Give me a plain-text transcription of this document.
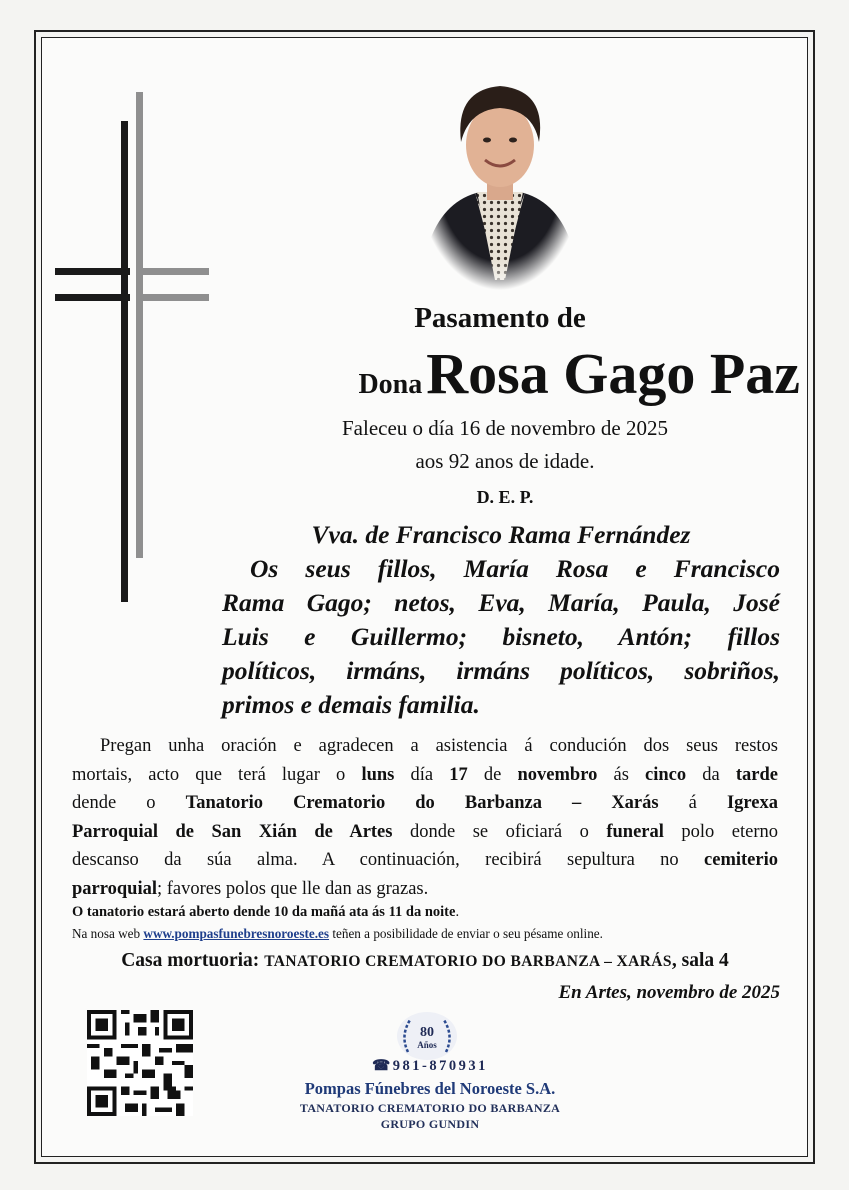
Pasamento de
Dona Rosa Gago Paz
Faleceu o día 16 de novembro de 2025
aos 92 anos de idade.
D. E. P.
Vva. de Francisco Rama Fernández
Os seus fillos, María Rosa e Francisco
Rama Gago; netos, Eva, María, Paula, José
Luis e Guillermo; bisneto, Antón; fillos
políticos, irmáns, irmáns políticos, sobriños,
primos e demais familia.
Pregan unha oración e agradecen a asistencia á condución dos seus restos
mortais, acto que terá lugar o luns día 17 de novembro ás cinco da tarde
dende o Tanatorio Crematorio do Barbanza – Xarás á Igrexa
Parroquial de San Xián de Artes donde se oficiará o funeral polo eterno
descanso da súa alma. A continuación, recibirá sepultura no cemiterio
parroquial; favores polos que lle dan as grazas.
O tanatorio estará aberto dende 10 da mañá ata ás 11 da noite.
Na nosa web www.pompasfunebresnoroeste.es teñen a posibilidade de enviar o seu pésame online.
Casa mortuoria: TANATORIO CREMATORIO DO BARBANZA – XARÁS, sala 4
En Artes, novembro de 2025
80
Años
☎981-870931
Pompas Fúnebres del Noroeste S.A.
TANATORIO CREMATORIO DO BARBANZA
GRUPO GUNDIN
